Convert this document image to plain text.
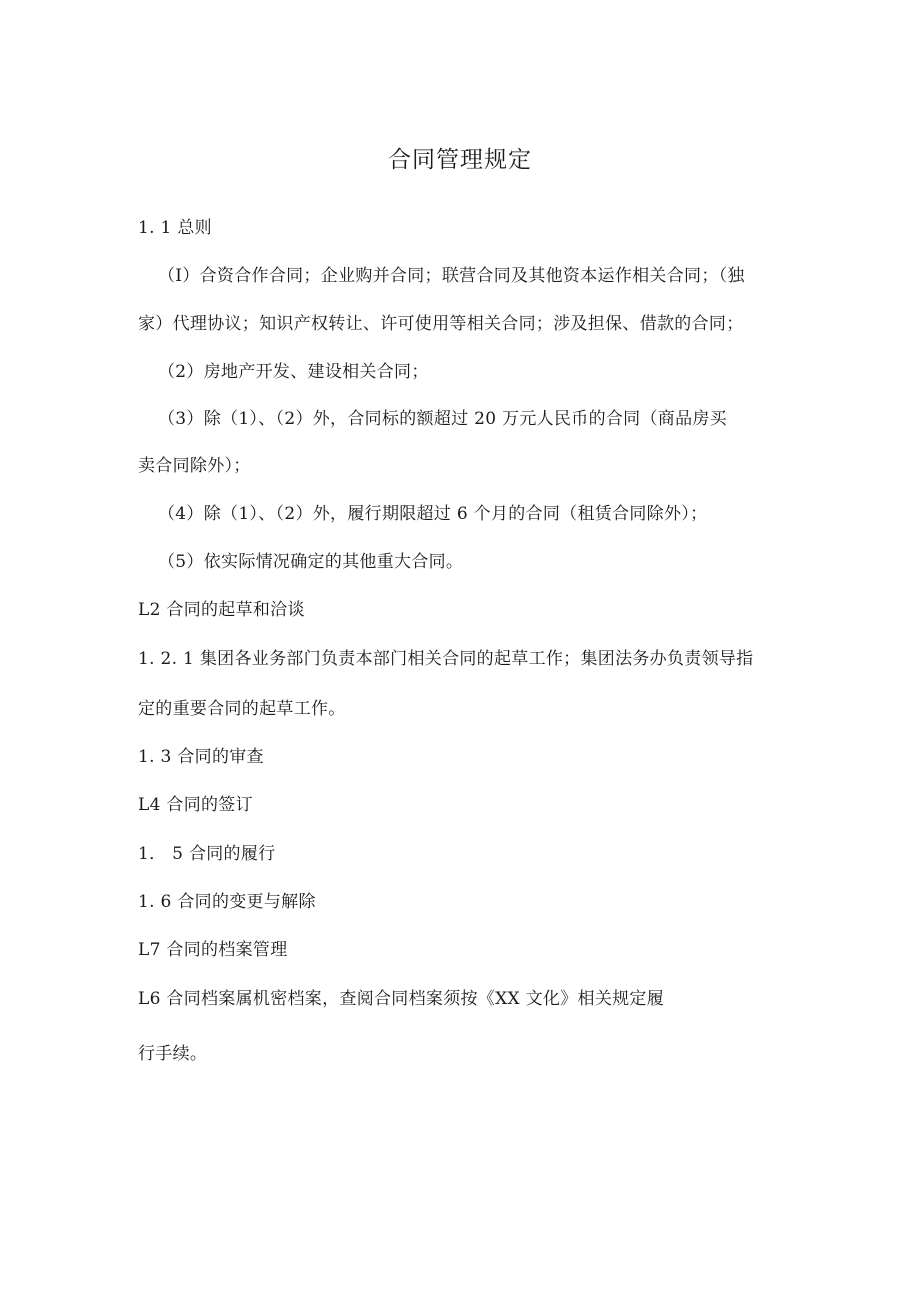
合同管理规定
1. 1 总则
（I）合资合作合同；企业购并合同；联营合同及其他资本运作相关合同；（独
家）代理协议；知识产权转让、许可使用等相关合同；涉及担保、借款的合同；
（2）房地产开发、建设相关合同；
（3）除（1）、（2）外，合同标的额超过 20 万元人民币的合同（商品房买
卖合同除外）；
（4）除（1）、（2）外，履行期限超过 6 个月的合同（租赁合同除外）；
（5）依实际情况确定的其他重大合同。
L2 合同的起草和洽谈
1. 2. 1 集团各业务部门负责本部门相关合同的起草工作；集团法务办负责领导指
定的重要合同的起草工作。
1. 3 合同的审查
L4 合同的签订
1． 5 合同的履行
1. 6 合同的变更与解除
L7 合同的档案管理
L6 合同档案属机密档案，查阅合同档案须按《XX 文化》相关规定履
行手续。
